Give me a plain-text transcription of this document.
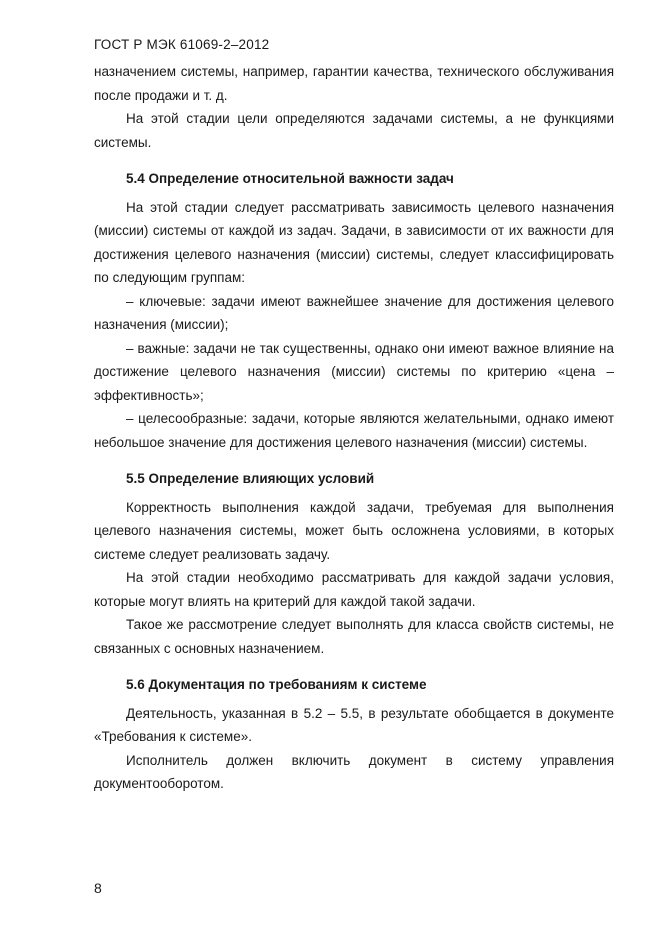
ГОСТ Р МЭК 61069-2–2012

назначением системы, например, гарантии качества, технического обслуживания после продажи и т. д.

На этой стадии цели определяются задачами системы, а не функциями системы.

5.4 Определение относительной важности задач

На этой стадии следует рассматривать зависимость целевого назначения (миссии) системы от каждой из задач. Задачи, в зависимости от их важности для достижения целевого назначения (миссии) системы, следует классифицировать по следующим группам:

– ключевые: задачи имеют важнейшее значение для достижения целевого назначения (миссии);

– важные: задачи не так существенны, однако они имеют важное влияние на достижение целевого назначения (миссии) системы по критерию «цена – эффективность»;

– целесообразные: задачи, которые являются желательными, однако имеют небольшое значение для достижения целевого назначения (миссии) системы.

5.5 Определение влияющих условий

Корректность выполнения каждой задачи, требуемая для выполнения целевого назначения системы, может быть осложнена условиями, в которых системе следует реализовать задачу.

На этой стадии необходимо рассматривать для каждой задачи условия, которые могут влиять на критерий для каждой такой задачи.

Такое же рассмотрение следует выполнять для класса свойств системы, не связанных с основных назначением.

5.6 Документация по требованиям к системе

Деятельность, указанная в 5.2 – 5.5, в результате обобщается в документе «Требования к системе».

Исполнитель должен включить документ в систему управления документооборотом.

8
